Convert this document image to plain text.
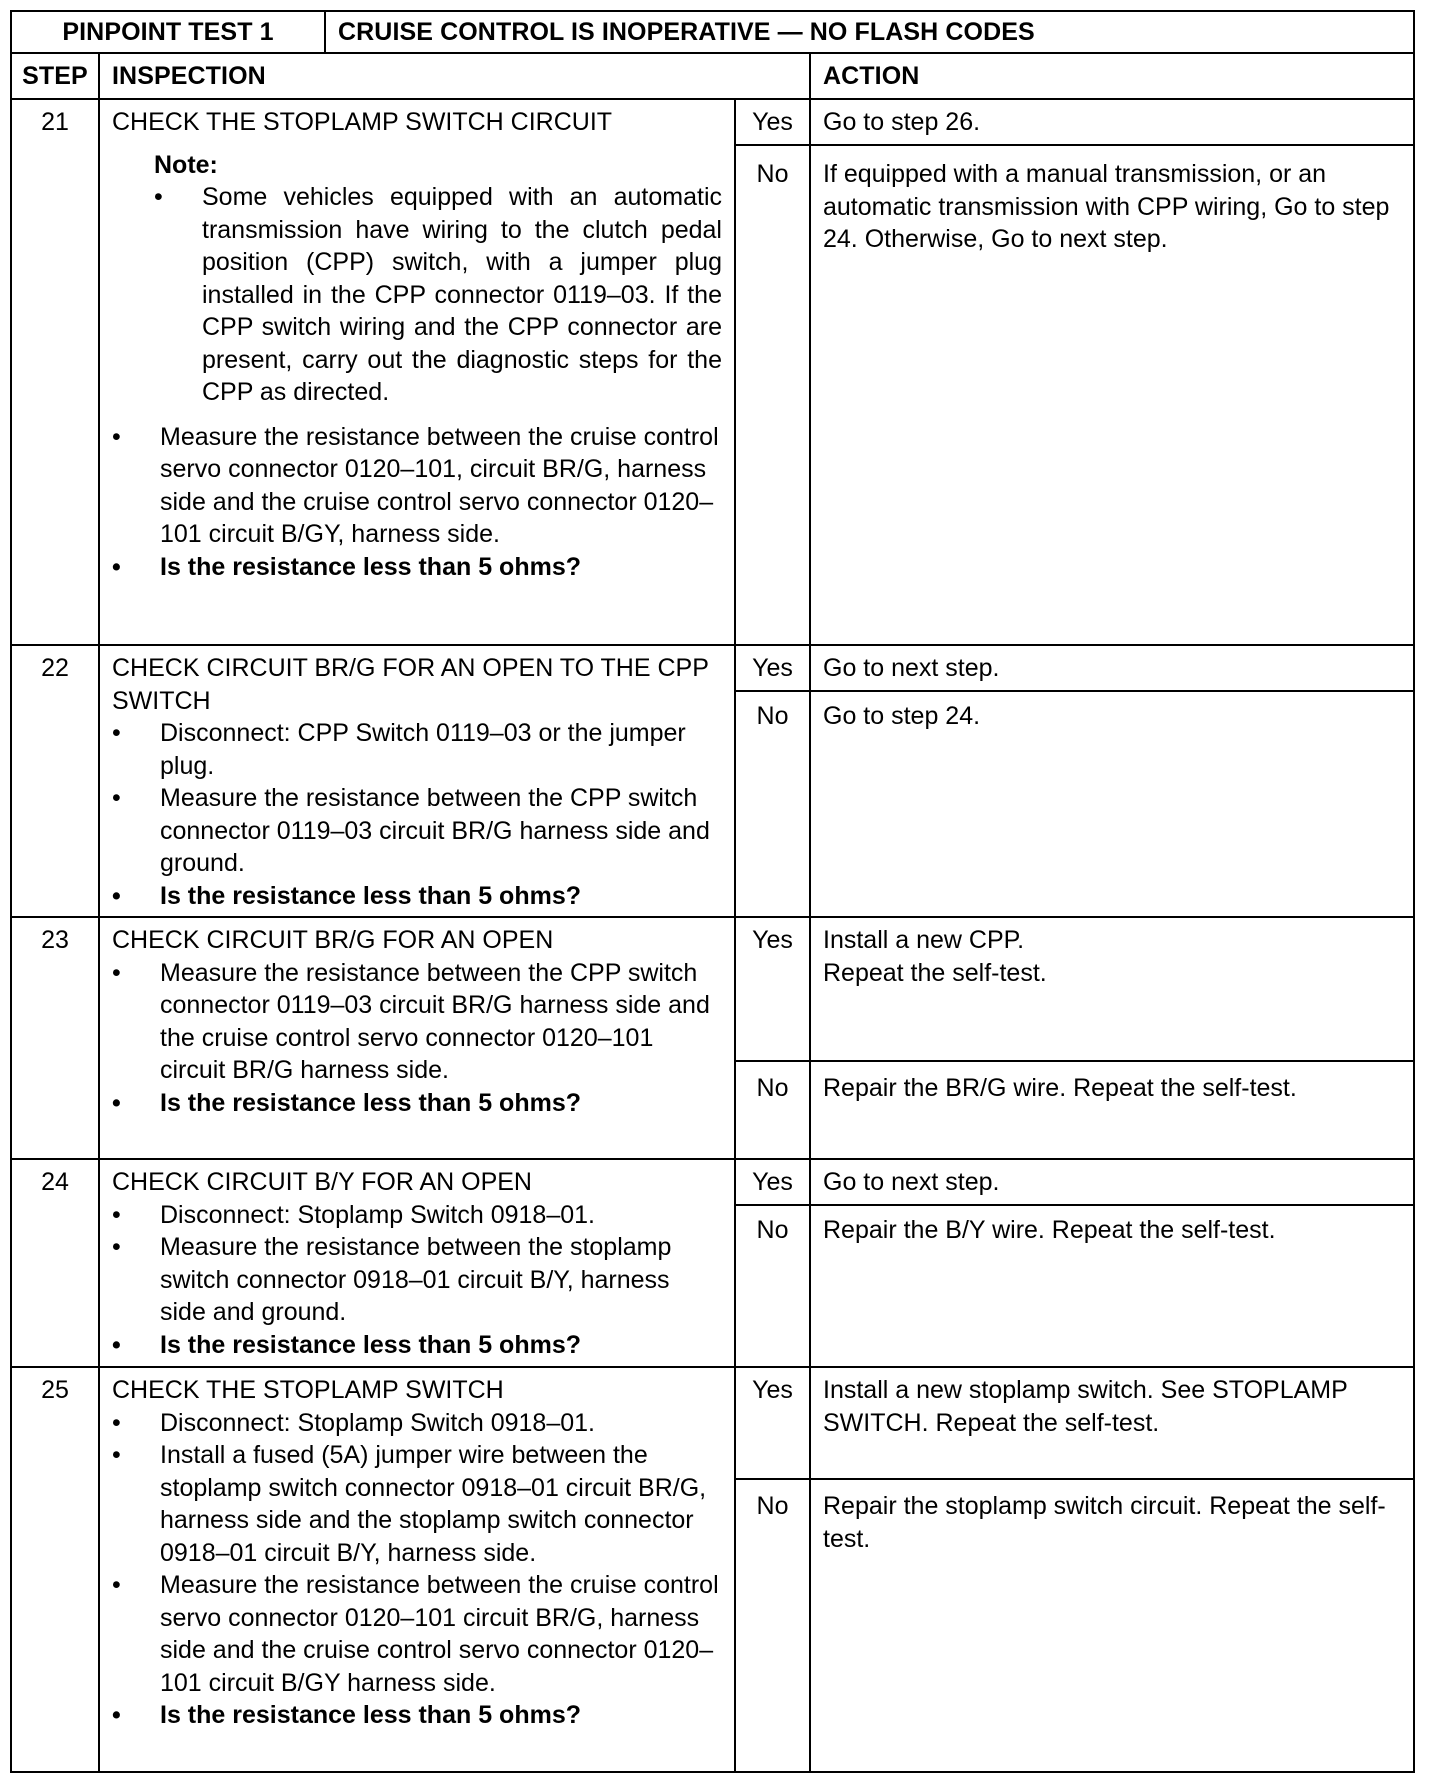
PINPOINT TEST 1	CRUISE CONTROL IS INOPERATIVE — NO FLASH CODES
STEP INSPECTION	ACTION
21	CHECK THE STOPLAMP SWITCH CIRCUIT
Note:
• Some vehicles equipped with an automatic transmission have wiring to the clutch pedal position (CPP) switch, with a jumper plug installed in the CPP connector 0119–03. If the CPP switch wiring and the CPP connector are present, carry out the diagnostic steps for the CPP as directed.
• Measure the resistance between the cruise control servo connector 0120–101, circuit BR/G, harness side and the cruise control servo connector 0120–101 circuit B/GY, harness side.
• Is the resistance less than 5 ohms?
Yes	Go to step 26.
No	If equipped with a manual transmission, or an automatic transmission with CPP wiring, Go to step 24. Otherwise, Go to next step.
22	CHECK CIRCUIT BR/G FOR AN OPEN TO THE CPP SWITCH
• Disconnect: CPP Switch 0119–03 or the jumper plug.
• Measure the resistance between the CPP switch connector 0119–03 circuit BR/G harness side and ground.
• Is the resistance less than 5 ohms?
Yes	Go to next step.
No	Go to step 24.
23	CHECK CIRCUIT BR/G FOR AN OPEN
• Measure the resistance between the CPP switch connector 0119–03 circuit BR/G harness side and the cruise control servo connector 0120–101 circuit BR/G harness side.
• Is the resistance less than 5 ohms?
Yes	Install a new CPP.
Repeat the self-test.
No	Repair the BR/G wire. Repeat the self-test.
24	CHECK CIRCUIT B/Y FOR AN OPEN
• Disconnect: Stoplamp Switch 0918–01.
• Measure the resistance between the stoplamp switch connector 0918–01 circuit B/Y, harness side and ground.
• Is the resistance less than 5 ohms?
Yes	Go to next step.
No	Repair the B/Y wire. Repeat the self-test.
25	CHECK THE STOPLAMP SWITCH
• Disconnect: Stoplamp Switch 0918–01.
• Install a fused (5A) jumper wire between the stoplamp switch connector 0918–01 circuit BR/G, harness side and the stoplamp switch connector 0918–01 circuit B/Y, harness side.
• Measure the resistance between the cruise control servo connector 0120–101 circuit BR/G, harness side and the cruise control servo connector 0120–101 circuit B/GY harness side.
• Is the resistance less than 5 ohms?
Yes	Install a new stoplamp switch. See STOPLAMP SWITCH. Repeat the self-test.
No	Repair the stoplamp switch circuit. Repeat the self-test.
